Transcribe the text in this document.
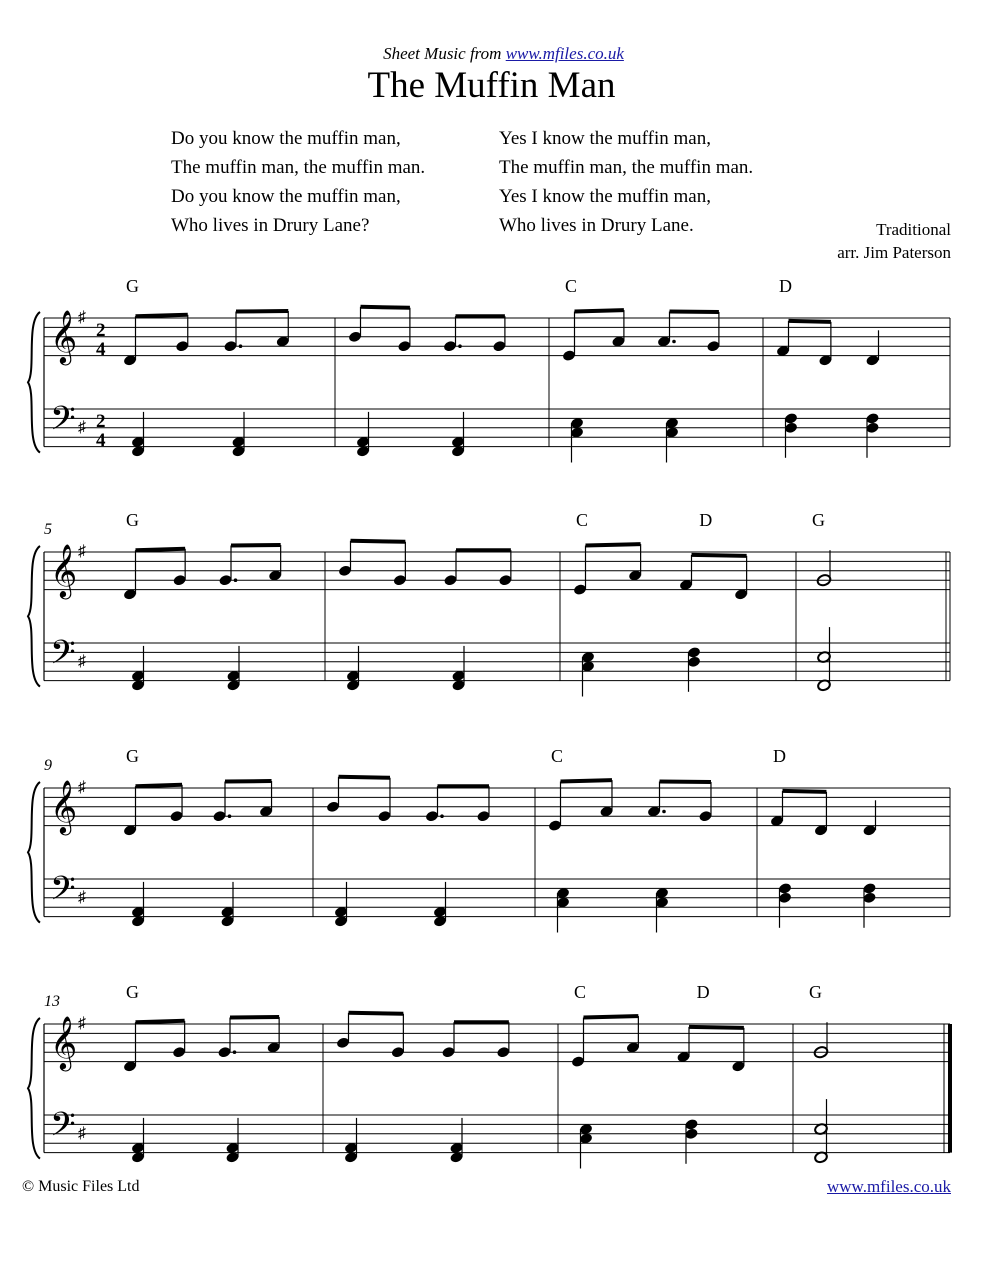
Sheet Music from www.mfiles.co.uk
The Muffin Man
Do you know the muffin man,
The muffin man, the muffin man.
Do you know the muffin man,
Who lives in Drury Lane?
Yes I know the muffin man,
The muffin man, the muffin man.
Yes I know the muffin man,
Who lives in Drury Lane.	Traditional
arr. Jim Paterson
𝄞
𝄢
♯
♯
2
4
2
4
G	C	D
𝄞
𝄢
♯
♯
5	G	C	D	G
𝄞
𝄢
♯
♯
9	G	C	D
𝄞
𝄢
♯
♯
13	G	C	D	G
© Music Files Ltd	www.mfiles.co.uk
